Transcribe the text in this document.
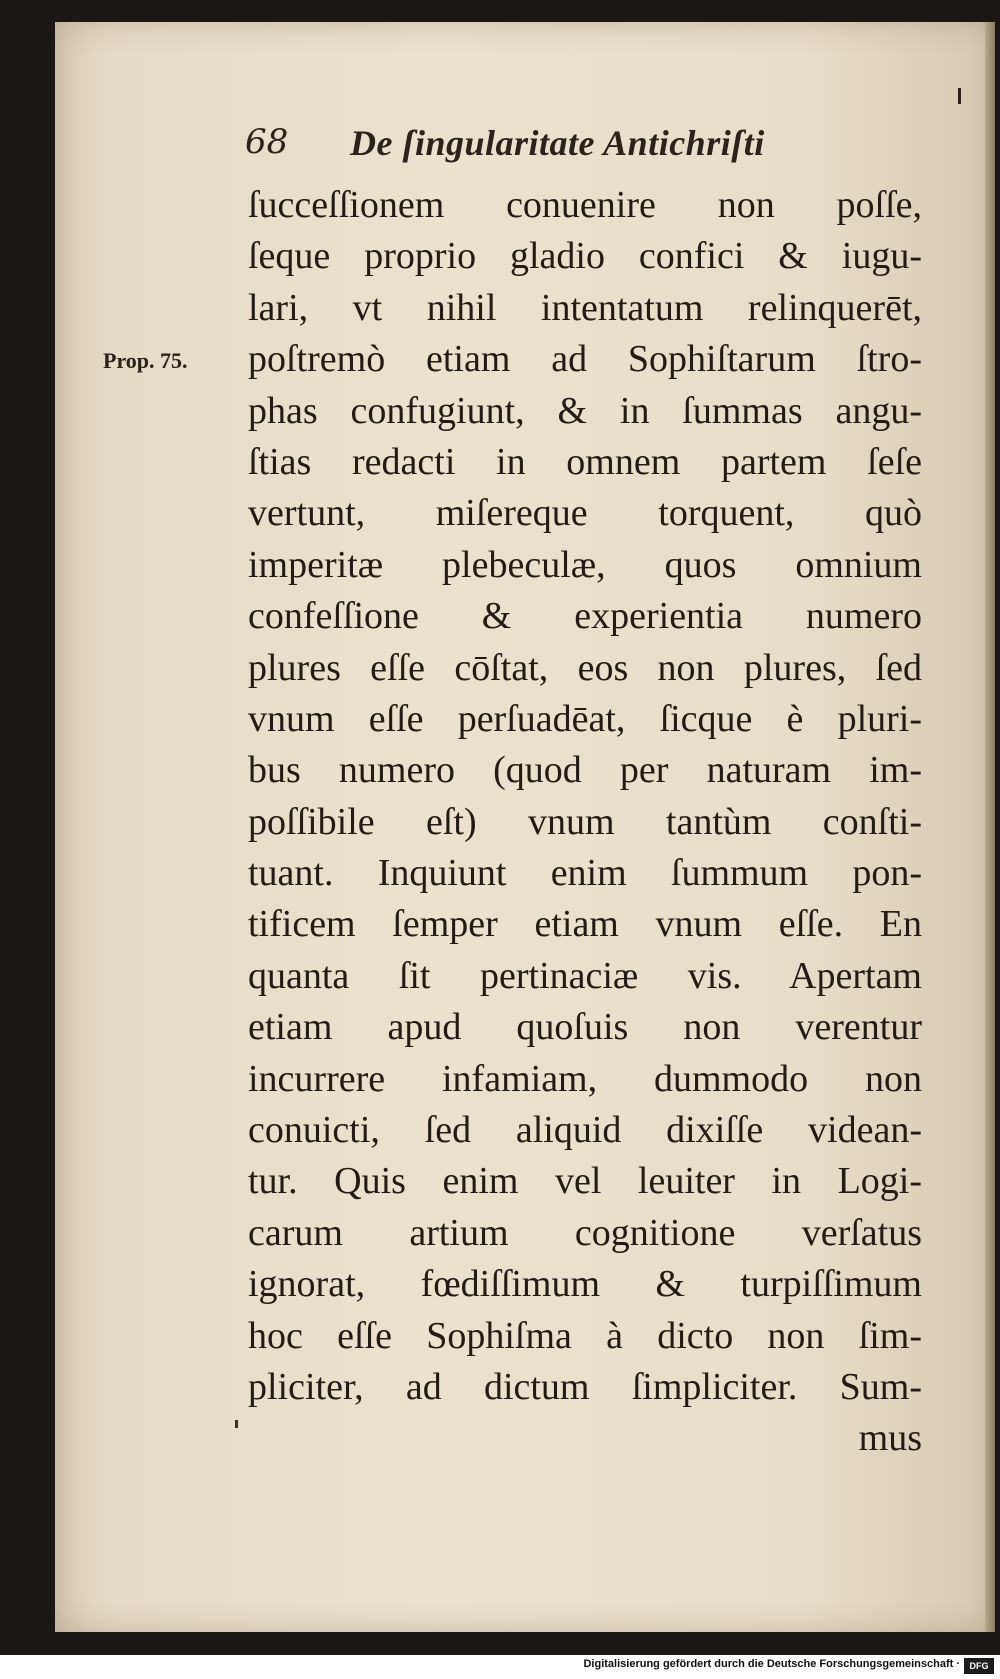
68 De ſingularitate Antichriſti
Prop. 75.
ſucceſſionem conuenire non poſſe,
ſeque proprio gladio confici & iugu-
lari, vt nihil intentatum relinquerēt,
poſtremò etiam ad Sophiſtarum ſtro-
phas confugiunt, & in ſummas angu-
ſtias redacti in omnem partem ſeſe
vertunt, miſereque torquent, quò
imperitæ plebeculæ, quos omnium
confeſſione & experientia numero
plures eſſe cōſtat, eos non plures, ſed
vnum eſſe perſuadēat, ſicque è pluri-
bus numero (quod per naturam im-
poſſibile eſt) vnum tantùm conſti-
tuant. Inquiunt enim ſummum pon-
tificem ſemper etiam vnum eſſe. En
quanta ſit pertinaciæ vis. Apertam
etiam apud quoſuis non verentur
incurrere infamiam, dummodo non
conuicti, ſed aliquid dixiſſe videan-
tur. Quis enim vel leuiter in Logi-
carum artium cognitione verſatus
ignorat, fœdiſſimum & turpiſſimum
hoc eſſe Sophiſma à dicto non ſim-
pliciter, ad dictum ſimpliciter. Sum-
mus
Digitalisierung gefördert durch die Deutsche Forschungsgemeinschaft ·	DFG
